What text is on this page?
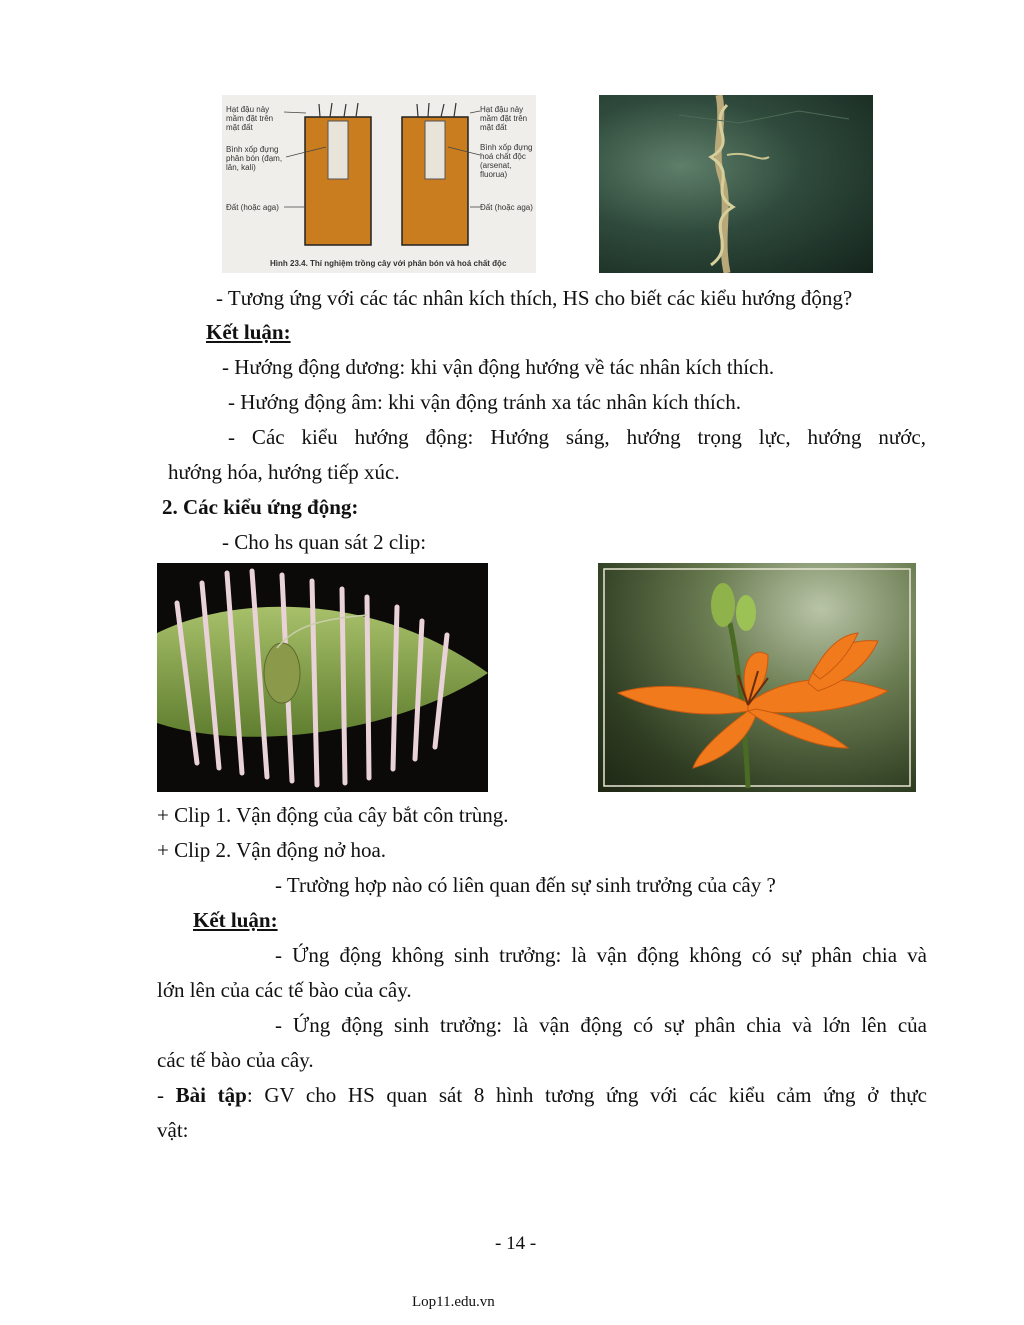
Hạt đậu nảy mầm đặt trên mặt đất
Bình xốp đựng phân bón (đạm, lân, kali)
Đất (hoặc aga)
Hạt đậu nảy mầm đặt trên mặt đất
Bình xốp đựng hoá chất độc (arsenat, fluorua)
Đất (hoặc aga)
Hình 23.4. Thí nghiệm trồng cây với phân bón và hoá chất độc
- Tương ứng với các tác nhân kích thích, HS cho biết các kiểu hướng động?
Kết luận:
- Hướng động dương: khi vận động hướng về tác nhân kích thích.
- Hướng động âm: khi vận động tránh xa tác nhân kích thích.
- Các kiểu hướng động: Hướng sáng, hướng trọng lực, hướng nước,
hướng hóa, hướng tiếp xúc.
2. Các kiểu ứng động:
- Cho hs quan sát 2 clip:
+ Clip 1. Vận động của cây bắt côn trùng.
+ Clip 2. Vận động nở hoa.
- Trường hợp nào có liên quan đến sự sinh trưởng của cây ?
Kết luận:
- Ứng động không sinh trưởng: là vận động không có sự phân chia và
lớn lên của các tế bào của cây.
- Ứng động sinh trưởng: là vận động có sự phân chia và lớn lên của
các tế bào của cây.
- Bài tập: GV cho HS quan sát 8 hình tương ứng với các kiểu cảm ứng ở thực
vật:
- 14 -
Lop11.edu.vn
